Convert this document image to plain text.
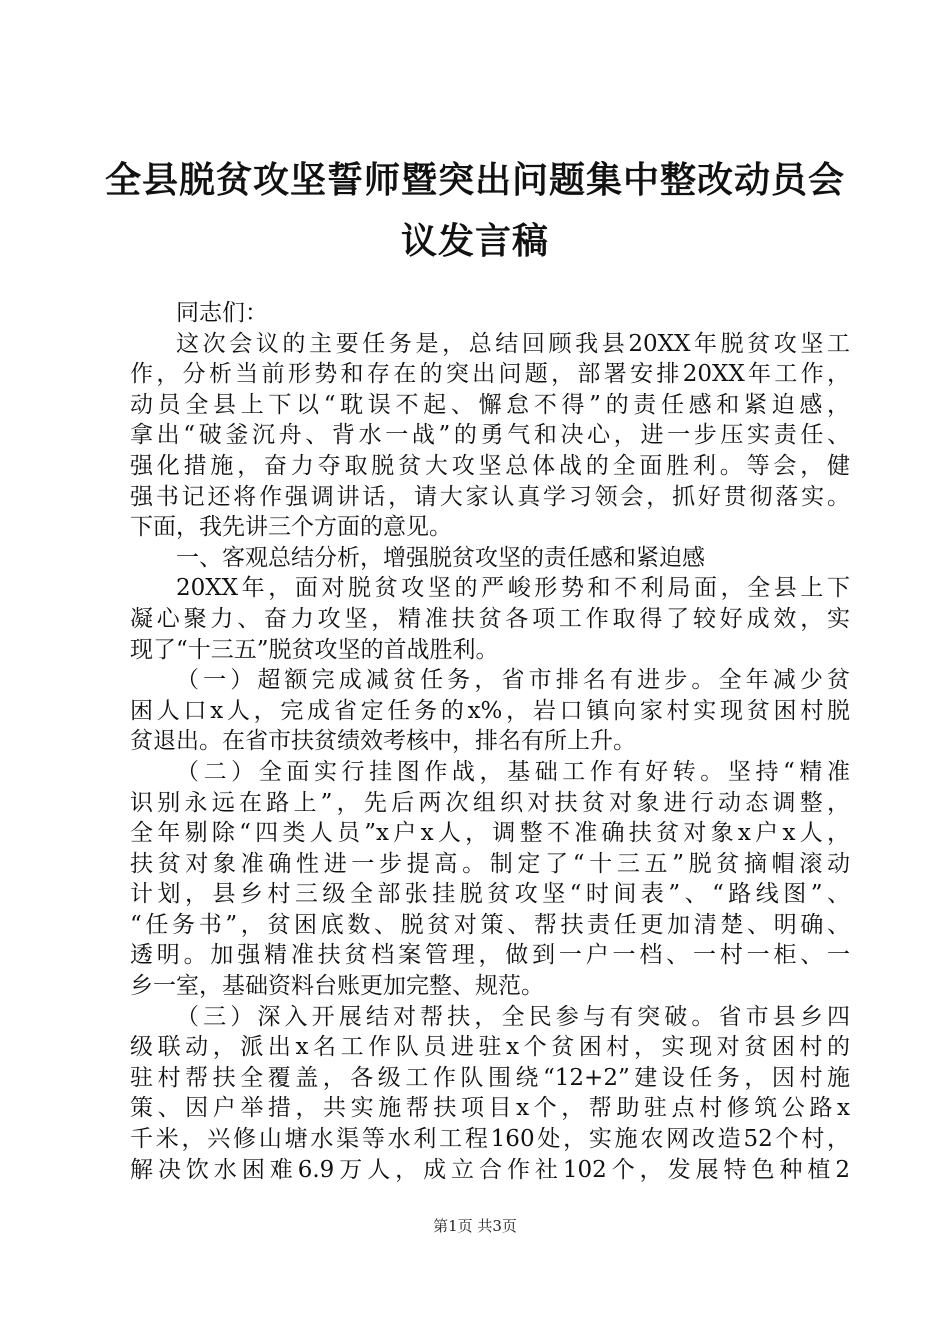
全县脱贫攻坚誓师暨突出问题集中整改动员会
议发言稿
同志们：
这次会议的主要任务是，总结回顾我县20XX年脱贫攻坚工
作，分析当前形势和存在的突出问题，部署安排20XX年工作，
动员全县上下以“耽误不起、懈怠不得”的责任感和紧迫感，
拿出“破釜沉舟、背水一战”的勇气和决心，进一步压实责任、
强化措施，奋力夺取脱贫大攻坚总体战的全面胜利。等会，健
强书记还将作强调讲话，请大家认真学习领会，抓好贯彻落实。
下面，我先讲三个方面的意见。
一、客观总结分析，增强脱贫攻坚的责任感和紧迫感
20XX年，面对脱贫攻坚的严峻形势和不利局面，全县上下
凝心聚力、奋力攻坚，精准扶贫各项工作取得了较好成效，实
现了“十三五”脱贫攻坚的首战胜利。
（一）超额完成减贫任务，省市排名有进步。全年减少贫
困人口x人，完成省定任务的x%，岩口镇向家村实现贫困村脱
贫退出。在省市扶贫绩效考核中，排名有所上升。
（二）全面实行挂图作战，基础工作有好转。坚持“精准
识别永远在路上”，先后两次组织对扶贫对象进行动态调整，
全年剔除“四类人员”x户x人，调整不准确扶贫对象x户x人，
扶贫对象准确性进一步提高。制定了“十三五”脱贫摘帽滚动
计划，县乡村三级全部张挂脱贫攻坚“时间表”、“路线图”、
“任务书”，贫困底数、脱贫对策、帮扶责任更加清楚、明确、
透明。加强精准扶贫档案管理，做到一户一档、一村一柜、一
乡一室，基础资料台账更加完整、规范。
（三）深入开展结对帮扶，全民参与有突破。省市县乡四
级联动，派出x名工作队员进驻x个贫困村，实现对贫困村的
驻村帮扶全覆盖，各级工作队围绕“12+2”建设任务，因村施
策、因户举措，共实施帮扶项目x个，帮助驻点村修筑公路x
千米，兴修山塘水渠等水利工程160处，实施农网改造52个村，
解决饮水困难6.9万人，成立合作社102个，发展特色种植2
第1页 共3页
